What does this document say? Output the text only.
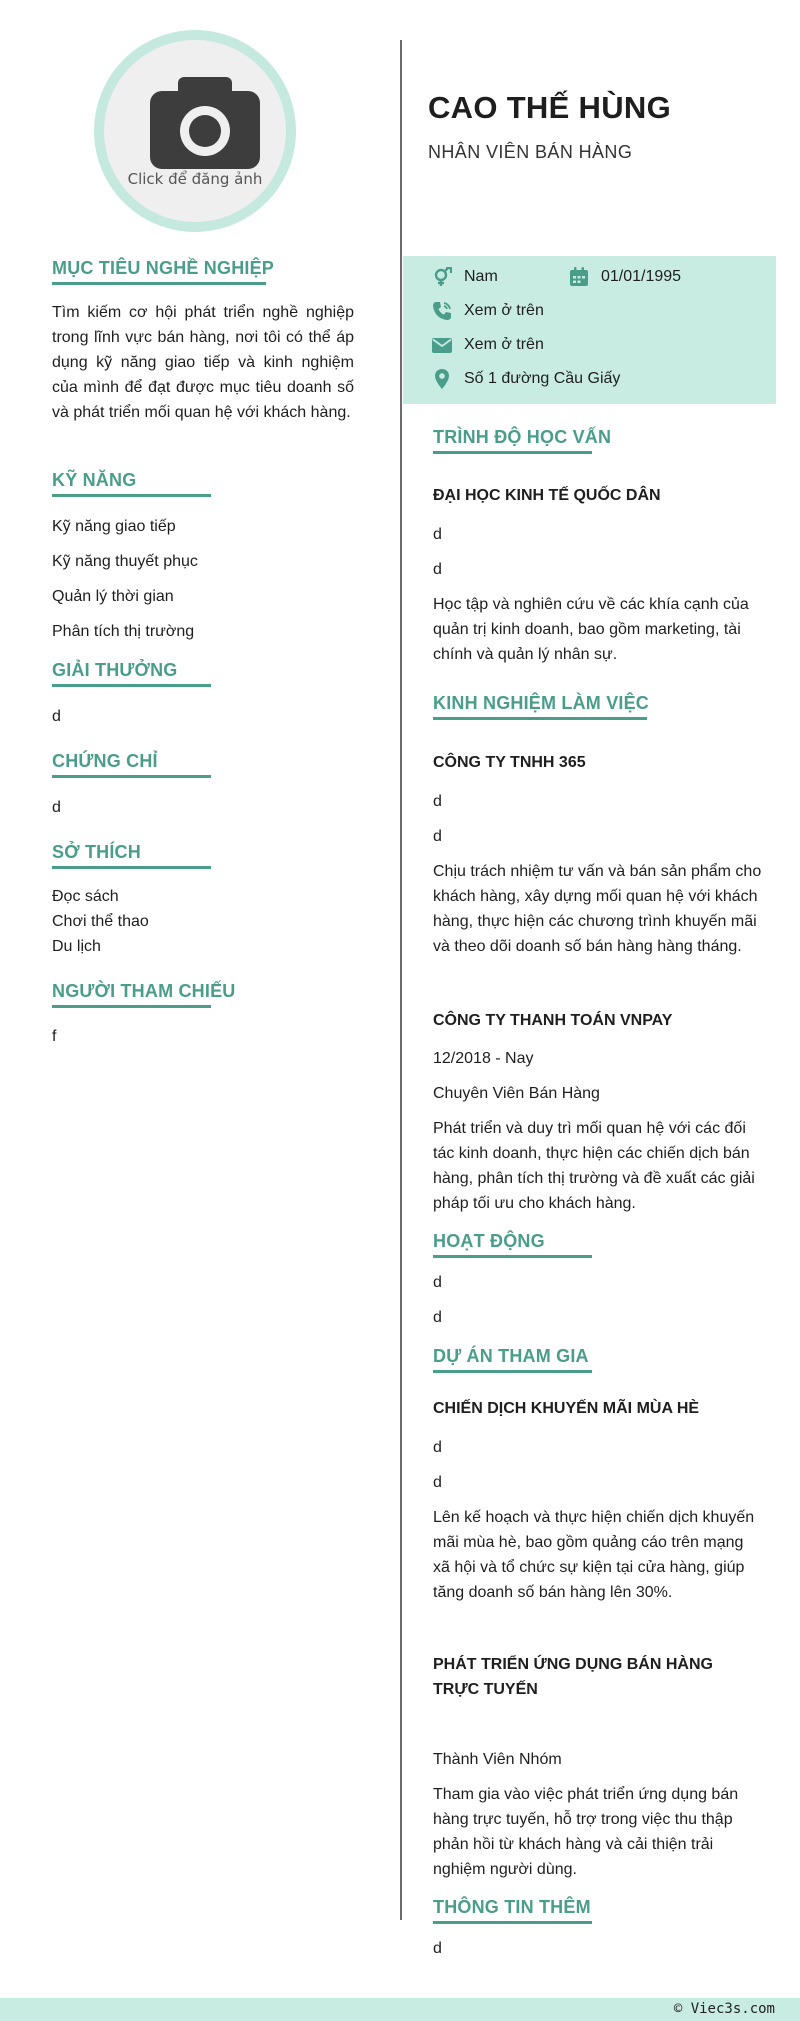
Click để đăng ảnh
MỤC TIÊU NGHỀ NGHIỆP
Tìm kiếm cơ hội phát triển nghề nghiệp trong lĩnh vực bán hàng, nơi tôi có thể áp dụng kỹ năng giao tiếp và kinh nghiệm của mình để đạt được mục tiêu doanh số và phát triển mối quan hệ với khách hàng.
KỸ NĂNG
Kỹ năng giao tiếp
Kỹ năng thuyết phục
Quản lý thời gian
Phân tích thị trường
GIẢI THƯỞNG
d
CHỨNG CHỈ
d
SỞ THÍCH
Đọc sách
Chơi thể thao
Du lịch
NGƯỜI THAM CHIẾU
f
CAO THẾ HÙNG
NHÂN VIÊN BÁN HÀNG
Nam	01/01/1995
Xem ở trên
Xem ở trên
Số 1 đường Cầu Giấy
TRÌNH ĐỘ HỌC VẤN
ĐẠI HỌC KINH TẾ QUỐC DÂN
d
d
Học tập và nghiên cứu về các khía cạnh của quản trị kinh doanh, bao gồm marketing, tài chính và quản lý nhân sự.
KINH NGHIỆM LÀM VIỆC
CÔNG TY TNHH 365
d
d
Chịu trách nhiệm tư vấn và bán sản phẩm cho khách hàng, xây dựng mối quan hệ với khách hàng, thực hiện các chương trình khuyến mãi và theo dõi doanh số bán hàng hàng tháng.
CÔNG TY THANH TOÁN VNPAY
12/2018 - Nay
Chuyên Viên Bán Hàng
Phát triển và duy trì mối quan hệ với các đối tác kinh doanh, thực hiện các chiến dịch bán hàng, phân tích thị trường và đề xuất các giải pháp tối ưu cho khách hàng.
HOẠT ĐỘNG
d
d
DỰ ÁN THAM GIA
CHIẾN DỊCH KHUYẾN MÃI MÙA HÈ
d
d
Lên kế hoạch và thực hiện chiến dịch khuyến mãi mùa hè, bao gồm quảng cáo trên mạng xã hội và tổ chức sự kiện tại cửa hàng, giúp tăng doanh số bán hàng lên 30%.
PHÁT TRIỂN ỨNG DỤNG BÁN HÀNG TRỰC TUYẾN
Thành Viên Nhóm
Tham gia vào việc phát triển ứng dụng bán hàng trực tuyến, hỗ trợ trong việc thu thập phản hồi từ khách hàng và cải thiện trải nghiệm người dùng.
THÔNG TIN THÊM
d
© Viec3s.com
